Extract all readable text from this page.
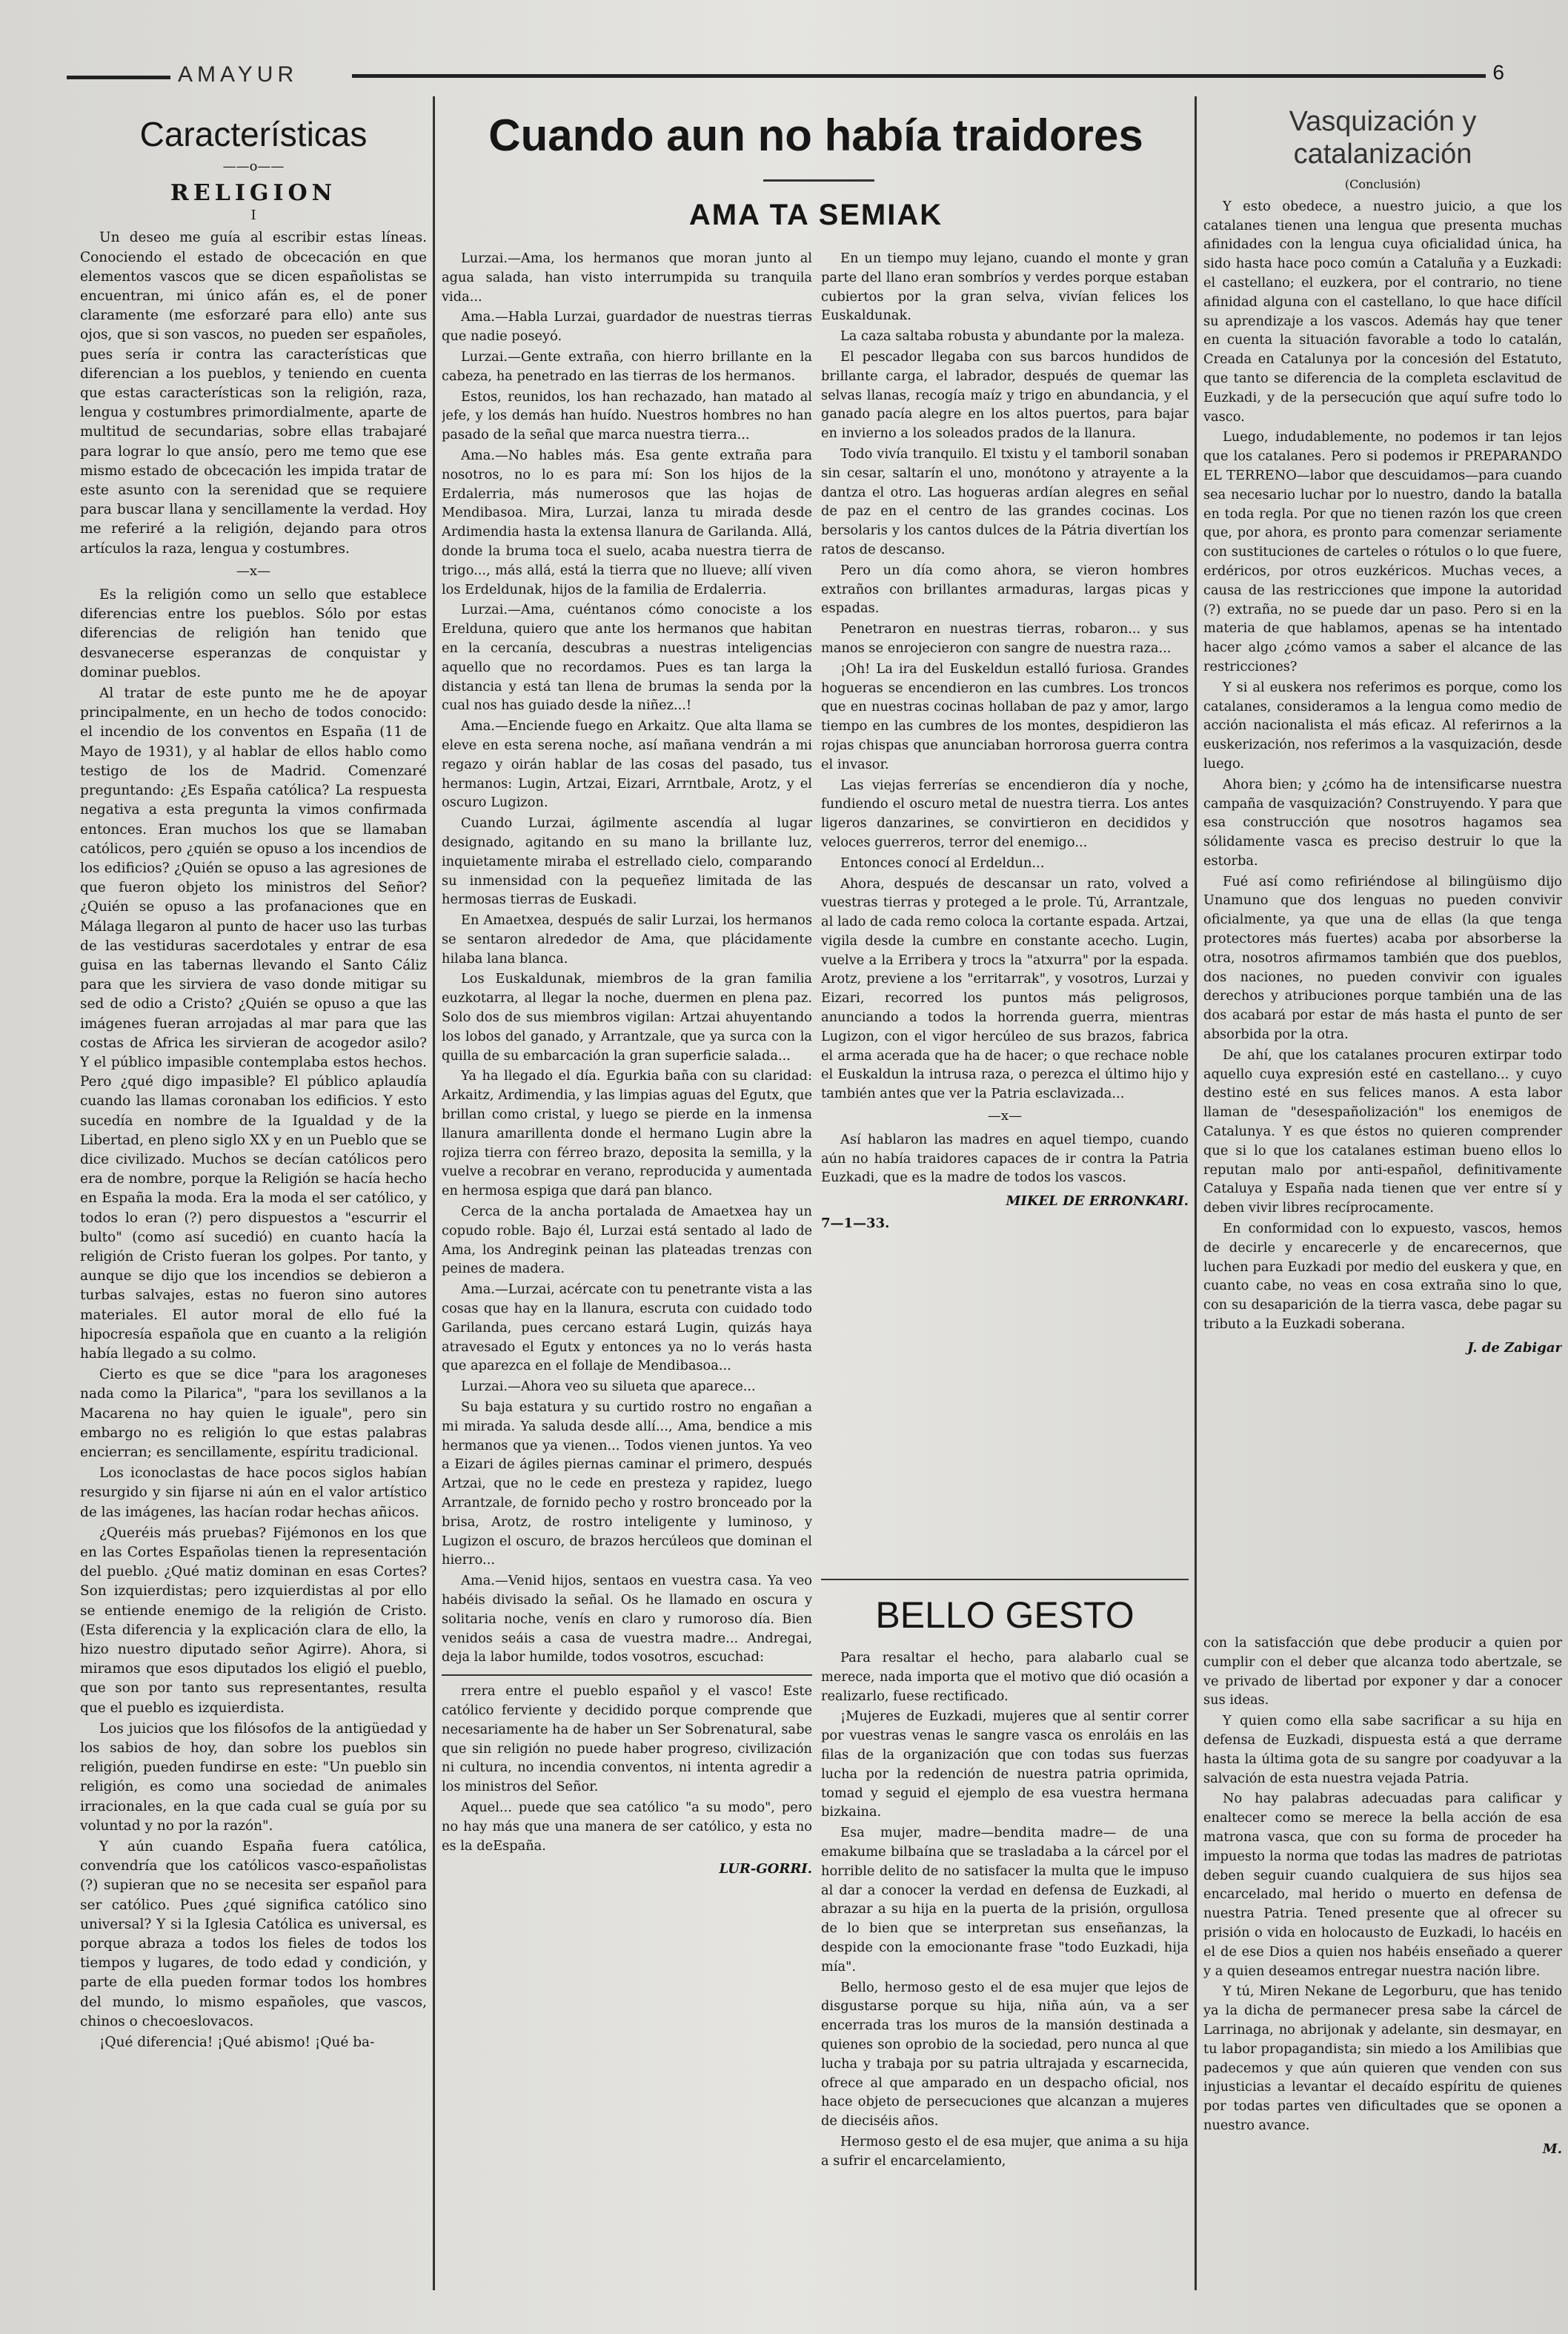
AMAYUR	6
Características
——o——
RELIGION
I

Un deseo me guía al escribir estas líneas. Conociendo el estado de obcecación en que elementos vascos que se dicen españolistas se encuentran, mi único afán es, el de poner claramente (me esforzaré para ello) ante sus ojos, que si son vascos, no pueden ser españoles, pues sería ir contra las características que diferencian a los pueblos, y teniendo en cuenta que estas características son la religión, raza, lengua y costumbres primordialmente, aparte de multitud de secundarias, sobre ellas trabajaré para lograr lo que ansío, pero me temo que ese mismo estado de obcecación les impida tratar de este asunto con la serenidad que se requiere para buscar llana y sencillamente la verdad. Hoy me referiré a la religión, dejando para otros artículos la raza, lengua y costumbres.

—x—

Es la religión como un sello que establece diferencias entre los pueblos. Sólo por estas diferencias de religión han tenido que desvanecerse esperanzas de conquistar y dominar pueblos.

Al tratar de este punto me he de apoyar principalmente, en un hecho de todos conocido: el incendio de los conventos en España (11 de Mayo de 1931), y al hablar de ellos hablo como testigo de los de Madrid. Comenzaré preguntando: ¿Es España católica? La respuesta negativa a esta pregunta la vimos confirmada entonces. Eran muchos los que se llamaban católicos, pero ¿quién se opuso a los incendios de los edificios? ¿Quién se opuso a las agresiones de que fueron objeto los ministros del Señor? ¿Quién se opuso a las profanaciones que en Málaga llegaron al punto de hacer uso las turbas de las vestiduras sacerdotales y entrar de esa guisa en las tabernas llevando el Santo Cáliz para que les sirviera de vaso donde mitigar su sed de odio a Cristo? ¿Quién se opuso a que las imágenes fueran arrojadas al mar para que las costas de Africa les sirvieran de acogedor asilo? Y el público impasible contemplaba estos hechos. Pero ¿qué digo impasible? El público aplaudía cuando las llamas coronaban los edificios. Y esto sucedía en nombre de la Igualdad y de la Libertad, en pleno siglo XX y en un Pueblo que se dice civilizado. Muchos se decían católicos pero era de nombre, porque la Religión se hacía hecho en España la moda. Era la moda el ser católico, y todos lo eran (?) pero dispuestos a "escurrir el bulto" (como así sucedió) en cuanto hacía la religión de Cristo fueran los golpes. Por tanto, y aunque se dijo que los incendios se debieron a turbas salvajes, estas no fueron sino autores materiales. El autor moral de ello fué la hipocresía española que en cuanto a la religión había llegado a su colmo.

Cierto es que se dice "para los aragoneses nada como la Pilarica", "para los sevillanos a la Macarena no hay quien le iguale", pero sin embargo no es religión lo que estas palabras encierran; es sencillamente, espíritu tradicional.

Los iconoclastas de hace pocos siglos habían resurgido y sin fijarse ni aún en el valor artístico de las imágenes, las hacían rodar hechas añicos.

¿Queréis más pruebas? Fijémonos en los que en las Cortes Españolas tienen la representación del pueblo. ¿Qué matiz dominan en esas Cortes? Son izquierdistas; pero izquierdistas al por ello se entiende enemigo de la religión de Cristo. (Esta diferencia y la explicación clara de ello, la hizo nuestro diputado señor Agirre). Ahora, si miramos que esos diputados los eligió el pueblo, que son por tanto sus representantes, resulta que el pueblo es izquierdista.

Los juicios que los filósofos de la antigüedad y los sabios de hoy, dan sobre los pueblos sin religión, pueden fundirse en este: "Un pueblo sin religión, es como una sociedad de animales irracionales, en la que cada cual se guía por su voluntad y no por la razón".

Y aún cuando España fuera católica, convendría que los católicos vasco-españolistas (?) supieran que no se necesita ser español para ser católico. Pues ¿qué significa católico sino universal? Y si la Iglesia Católica es universal, es porque abraza a todos los fieles de todos los tiempos y lugares, de todo edad y condición, y parte de ella pueden formar todos los hombres del mundo, lo mismo españoles, que vascos, chinos o checoeslovacos.

¡Qué diferencia! ¡Qué abismo! ¡Qué ba-

Cuando aun no había traidores
AMA TA SEMIAK

Lurzai.—Ama, los hermanos que moran junto al agua salada, han visto interrumpida su tranquila vida...

Ama.—Habla Lurzai, guardador de nuestras tierras que nadie poseyó.

Lurzai.—Gente extraña, con hierro brillante en la cabeza, ha penetrado en las tierras de los hermanos.

Estos, reunidos, los han rechazado, han matado al jefe, y los demás han huído. Nuestros hombres no han pasado de la señal que marca nuestra tierra...

Ama.—No hables más. Esa gente extraña para nosotros, no lo es para mí: Son los hijos de la Erdalerria, más numerosos que las hojas de Mendibasoa. Mira, Lurzai, lanza tu mirada desde Ardimendia hasta la extensa llanura de Garilanda. Allá, donde la bruma toca el suelo, acaba nuestra tierra de trigo..., más allá, está la tierra que no llueve; allí viven los Erdeldunak, hijos de la familia de Erdalerria.

Lurzai.—Ama, cuéntanos cómo conociste a los Erelduna, quiero que ante los hermanos que habitan en la cercanía, descubras a nuestras inteligencias aquello que no recordamos. Pues es tan larga la distancia y está tan llena de brumas la senda por la cual nos has guiado desde la niñez...!

Ama.—Enciende fuego en Arkaitz. Que alta llama se eleve en esta serena noche, así mañana vendrán a mi regazo y oirán hablar de las cosas del pasado, tus hermanos: Lugin, Artzai, Eizari, Arrntbale, Arotz, y el oscuro Lugizon.

Cuando Lurzai, ágilmente ascendía al lugar designado, agitando en su mano la brillante luz, inquietamente miraba el estrellado cielo, comparando su inmensidad con la pequeñez limitada de las hermosas tierras de Euskadi.

En Amaetxea, después de salir Lurzai, los hermanos se sentaron alrededor de Ama, que plácidamente hilaba lana blanca.

Los Euskaldunak, miembros de la gran familia euzkotarra, al llegar la noche, duermen en plena paz. Solo dos de sus miembros vigilan: Artzai ahuyentando los lobos del ganado, y Arrantzale, que ya surca con la quilla de su embarcación la gran superficie salada...

Ya ha llegado el día. Egurkia baña con su claridad: Arkaitz, Ardimendia, y las limpias aguas del Egutx, que brillan como cristal, y luego se pierde en la inmensa llanura amarillenta donde el hermano Lugin abre la rojiza tierra con férreo brazo, deposita la semilla, y la vuelve a recobrar en verano, reproducida y aumentada en hermosa espiga que dará pan blanco.

Cerca de la ancha portalada de Amaetxea hay un copudo roble. Bajo él, Lurzai está sentado al lado de Ama, los Andregink peinan las plateadas trenzas con peines de madera.

Ama.—Lurzai, acércate con tu penetrante vista a las cosas que hay en la llanura, escruta con cuidado todo Garilanda, pues cercano estará Lugin, quizás haya atravesado el Egutx y entonces ya no lo verás hasta que aparezca en el follaje de Mendibasoa...

Lurzai.—Ahora veo su silueta que aparece...

Su baja estatura y su curtido rostro no engañan a mi mirada. Ya saluda desde allí..., Ama, bendice a mis hermanos que ya vienen... Todos vienen juntos. Ya veo a Eizari de ágiles piernas caminar el primero, después Artzai, que no le cede en presteza y rapidez, luego Arrantzale, de fornido pecho y rostro bronceado por la brisa, Arotz, de rostro inteligente y luminoso, y Lugizon el oscuro, de brazos hercúleos que dominan el hierro...

Ama.—Venid hijos, sentaos en vuestra casa. Ya veo habéis divisado la señal. Os he llamado en oscura y solitaria noche, venís en claro y rumoroso día. Bien venidos seáis a casa de vuestra madre... Andregai, deja la labor humilde, todos vosotros, escuchad:

rrera entre el pueblo español y el vasco! Este católico ferviente y decidido porque comprende que necesariamente ha de haber un Ser Sobrenatural, sabe que sin religión no puede haber progreso, civilización ni cultura, no incendia conventos, ni intenta agredir a los ministros del Señor.

Aquel... puede que sea católico "a su modo", pero no hay más que una manera de ser católico, y esta no es la deEspaña.

LUR-GORRI.

En un tiempo muy lejano, cuando el monte y gran parte del llano eran sombríos y verdes porque estaban cubiertos por la gran selva, vivían felices los Euskaldunak.

La caza saltaba robusta y abundante por la maleza.

El pescador llegaba con sus barcos hundidos de brillante carga, el labrador, después de quemar las selvas llanas, recogía maíz y trigo en abundancia, y el ganado pacía alegre en los altos puertos, para bajar en invierno a los soleados prados de la llanura.

Todo vivía tranquilo. El txistu y el tamboril sonaban sin cesar, saltarín el uno, monótono y atrayente a la dantza el otro. Las hogueras ardían alegres en señal de paz en el centro de las grandes cocinas. Los bersolaris y los cantos dulces de la Pátria divertían los ratos de descanso.

Pero un día como ahora, se vieron hombres extraños con brillantes armaduras, largas picas y espadas.

Penetraron en nuestras tierras, robaron... y sus manos se enrojecieron con sangre de nuestra raza...

¡Oh! La ira del Euskeldun estalló furiosa. Grandes hogueras se encendieron en las cumbres. Los troncos que en nuestras cocinas hollaban de paz y amor, largo tiempo en las cumbres de los montes, despidieron las rojas chispas que anunciaban horrorosa guerra contra el invasor.

Las viejas ferrerías se encendieron día y noche, fundiendo el oscuro metal de nuestra tierra. Los antes ligeros danzarines, se convirtieron en decididos y veloces guerreros, terror del enemigo...

Entonces conocí al Erdeldun...

Ahora, después de descansar un rato, volved a vuestras tierras y proteged a le prole. Tú, Arrantzale, al lado de cada remo coloca la cortante espada. Artzai, vigila desde la cumbre en constante acecho. Lugin, vuelve a la Erribera y trocs la "atxurra" por la espada. Arotz, previene a los "erritarrak", y vosotros, Lurzai y Eizari, recorred los puntos más peligrosos, anunciando a todos la horrenda guerra, mientras Lugizon, con el vigor hercúleo de sus brazos, fabrica el arma acerada que ha de hacer; o que rechace noble el Euskaldun la intrusa raza, o perezca el último hijo y también antes que ver la Patria esclavizada...

—x—

Así hablaron las madres en aquel tiempo, cuando aún no había traidores capaces de ir contra la Patria Euzkadi, que es la madre de todos los vascos.

MIKEL DE ERRONKARI.
7—1—33.
BELLO GESTO

Para resaltar el hecho, para alabarlo cual se merece, nada importa que el motivo que dió ocasión a realizarlo, fuese rectificado.

¡Mujeres de Euzkadi, mujeres que al sentir correr por vuestras venas le sangre vasca os enroláis en las filas de la organización que con todas sus fuerzas lucha por la redención de nuestra patria oprimida, tomad y seguid el ejemplo de esa vuestra hermana bizkaina.

Esa mujer, madre—bendita madre— de una emakume bilbaína que se trasladaba a la cárcel por el horrible delito de no satisfacer la multa que le impuso al dar a conocer la verdad en defensa de Euzkadi, al abrazar a su hija en la puerta de la prisión, orgullosa de lo bien que se interpretan sus enseñanzas, la despide con la emocionante frase "todo Euzkadi, hija mía".

Bello, hermoso gesto el de esa mujer que lejos de disgustarse porque su hija, niña aún, va a ser encerrada tras los muros de la mansión destinada a quienes son oprobio de la sociedad, pero nunca al que lucha y trabaja por su patria ultrajada y escarnecida, ofrece al que amparado en un despacho oficial, nos hace objeto de persecuciones que alcanzan a mujeres de dieciséis años.

Hermoso gesto el de esa mujer, que anima a su hija a sufrir el encarcelamiento,

Vasquización y catalanización
(Conclusión)

Y esto obedece, a nuestro juicio, a que los catalanes tienen una lengua que presenta muchas afinidades con la lengua cuya oficialidad única, ha sido hasta hace poco común a Cataluña y a Euzkadi: el castellano; el euzkera, por el contrario, no tiene afinidad alguna con el castellano, lo que hace difícil su aprendizaje a los vascos. Además hay que tener en cuenta la situación favorable a todo lo catalán, Creada en Catalunya por la concesión del Estatuto, que tanto se diferencia de la completa esclavitud de Euzkadi, y de la persecución que aquí sufre todo lo vasco.

Luego, indudablemente, no podemos ir tan lejos que los catalanes. Pero si podemos ir PREPARANDO EL TERRENO—labor que descuidamos—para cuando sea necesario luchar por lo nuestro, dando la batalla en toda regla. Por que no tienen razón los que creen que, por ahora, es pronto para comenzar seriamente con sustituciones de carteles o rótulos o lo que fuere, erdéricos, por otros euzkéricos. Muchas veces, a causa de las restricciones que impone la autoridad (?) extraña, no se puede dar un paso. Pero si en la materia de que hablamos, apenas se ha intentado hacer algo ¿cómo vamos a saber el alcance de las restricciones?

Y si al euskera nos referimos es porque, como los catalanes, consideramos a la lengua como medio de acción nacionalista el más eficaz. Al referirnos a la euskerización, nos referimos a la vasquización, desde luego.

Ahora bien; y ¿cómo ha de intensificarse nuestra campaña de vasquización? Construyendo. Y para que esa construcción que nosotros hagamos sea sólidamente vasca es preciso destruir lo que la estorba.

Fué así como refiriéndose al bilingüismo dijo Unamuno que dos lenguas no pueden convivir oficialmente, ya que una de ellas (la que tenga protectores más fuertes) acaba por absorberse la otra, nosotros afirmamos también que dos pueblos, dos naciones, no pueden convivir con iguales derechos y atribuciones porque también una de las dos acabará por estar de más hasta el punto de ser absorbida por la otra.

De ahí, que los catalanes procuren extirpar todo aquello cuya expresión esté en castellano... y cuyo destino esté en sus felices manos. A esta labor llaman de "desespañolización" los enemigos de Catalunya. Y es que éstos no quieren comprender que si lo que los catalanes estiman bueno ellos lo reputan malo por anti-español, definitivamente Cataluya y España nada tienen que ver entre sí y deben vivir libres recíprocamente.

En conformidad con lo expuesto, vascos, hemos de decirle y encarecerle y de encarecernos, que luchen para Euzkadi por medio del euskera y que, en cuanto cabe, no veas en cosa extraña sino lo que, con su desaparición de la tierra vasca, debe pagar su tributo a la Euzkadi soberana.

J. de Zabigar

con la satisfacción que debe producir a quien por cumplir con el deber que alcanza todo abertzale, se ve privado de libertad por exponer y dar a conocer sus ideas.

Y quien como ella sabe sacrificar a su hija en defensa de Euzkadi, dispuesta está a que derrame hasta la última gota de su sangre por coadyuvar a la salvación de esta nuestra vejada Patria.

No hay palabras adecuadas para calificar y enaltecer como se merece la bella acción de esa matrona vasca, que con su forma de proceder ha impuesto la norma que todas las madres de patriotas deben seguir cuando cualquiera de sus hijos sea encarcelado, mal herido o muerto en defensa de nuestra Patria. Tened presente que al ofrecer su prisión o vida en holocausto de Euzkadi, lo hacéis en el de ese Dios a quien nos habéis enseñado a querer y a quien deseamos entregar nuestra nación libre.

Y tú, Miren Nekane de Legorburu, que has tenido ya la dicha de permanecer presa sabe la cárcel de Larrinaga, no abrijonak y adelante, sin desmayar, en tu labor propagandista; sin miedo a los Amilibias que padecemos y que aún quieren que venden con sus injusticias a levantar el decaído espíritu de quienes por todas partes ven dificultades que se oponen a nuestro avance.

M.
